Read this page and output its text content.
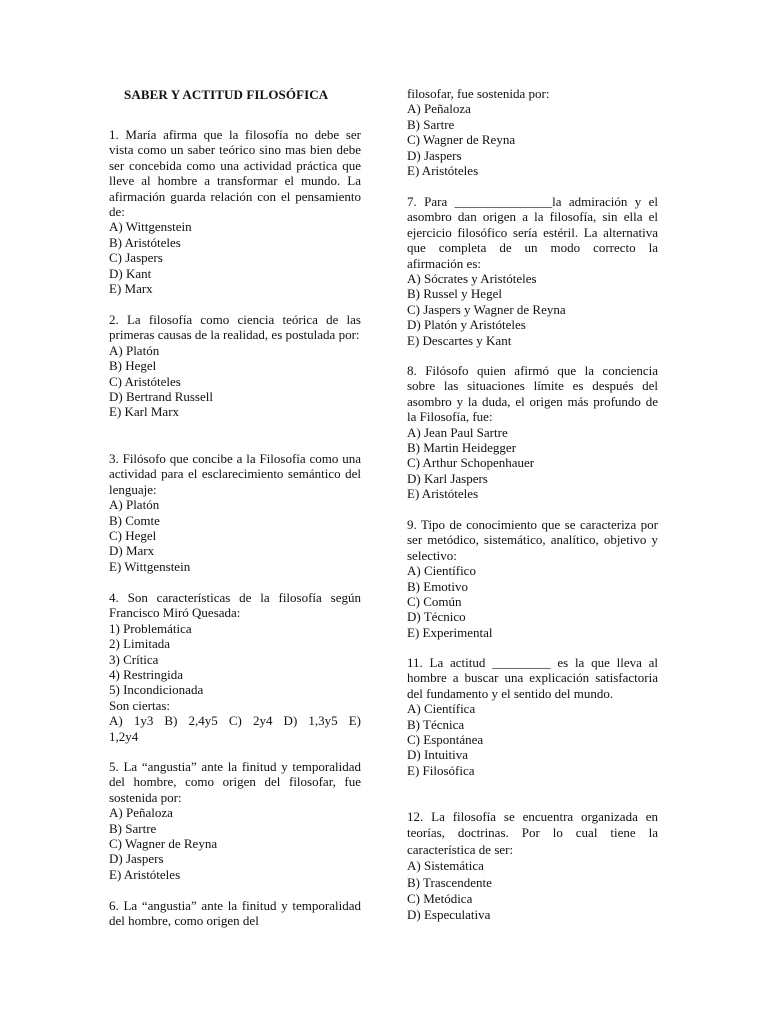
SABER Y ACTITUD FILOSÓFICA
1. María afirma que la filosofía no debe ser vista como un saber teórico sino mas bien debe ser concebida como una actividad práctica que lleve al hombre a transformar el mundo. La afirmación guarda relación con el pensamiento de:
A) Wittgenstein
B) Aristóteles
C) Jaspers
D) Kant
E) Marx
2. La filosofía como ciencia teórica de las primeras causas de la realidad, es postulada por:
A) Platón
B) Hegel
C) Aristóteles
D) Bertrand Russell
E) Karl Marx
3. Filósofo que concibe a la Filosofía como una actividad para el esclarecimiento semántico del lenguaje:
A) Platón
B) Comte
C) Hegel
D) Marx
E) Wittgenstein
4. Son características de la filosofía según Francisco Miró Quesada:
1) Problemática
2) Limitada
3) Crítica
4) Restringida
5) Incondicionada
Son ciertas:
A) 1y3 B) 2,4y5 C) 2y4 D) 1,3y5 E) 1,2y4
5. La “angustia” ante la finitud y temporalidad del hombre, como origen del filosofar, fue sostenida por:
A) Peñaloza
B) Sartre
C) Wagner de Reyna
D) Jaspers
E) Aristóteles
6. La “angustia” ante la finitud y temporalidad del hombre, como origen del
filosofar, fue sostenida por:
A) Peñaloza
B) Sartre
C) Wagner de Reyna
D) Jaspers
E) Aristóteles
7. Para _______________la admiración y el asombro dan origen a la filosofía, sin ella el ejercicio filosófico sería estéril. La alternativa que completa de un modo correcto la afirmación es:
A) Sócrates y Aristóteles
B) Russel y Hegel
C) Jaspers y Wagner de Reyna
D) Platón y Aristóteles
E) Descartes y Kant
8. Filósofo quien afirmó que la conciencia sobre las situaciones límite es después del asombro y la duda, el origen más profundo de la Filosofía, fue:
A) Jean Paul Sartre
B) Martin Heidegger
C) Arthur Schopenhauer
D) Karl Jaspers
E) Aristóteles
9. Tipo de conocimiento que se caracteriza por ser metódico, sistemático, analítico, objetivo y selectivo:
A) Científico
B) Emotivo
C) Común
D) Técnico
E) Experimental
11. La actitud _________ es la que lleva al hombre a buscar una explicación satisfactoria del fundamento y el sentido del mundo.
A) Científica
B) Técnica
C) Espontánea
D) Intuitiva
E) Filosófica
12. La filosofía se encuentra organizada en teorías, doctrinas. Por lo cual tiene la característica de ser:
A) Sistemática
B) Trascendente
C) Metódica
D) Especulativa
